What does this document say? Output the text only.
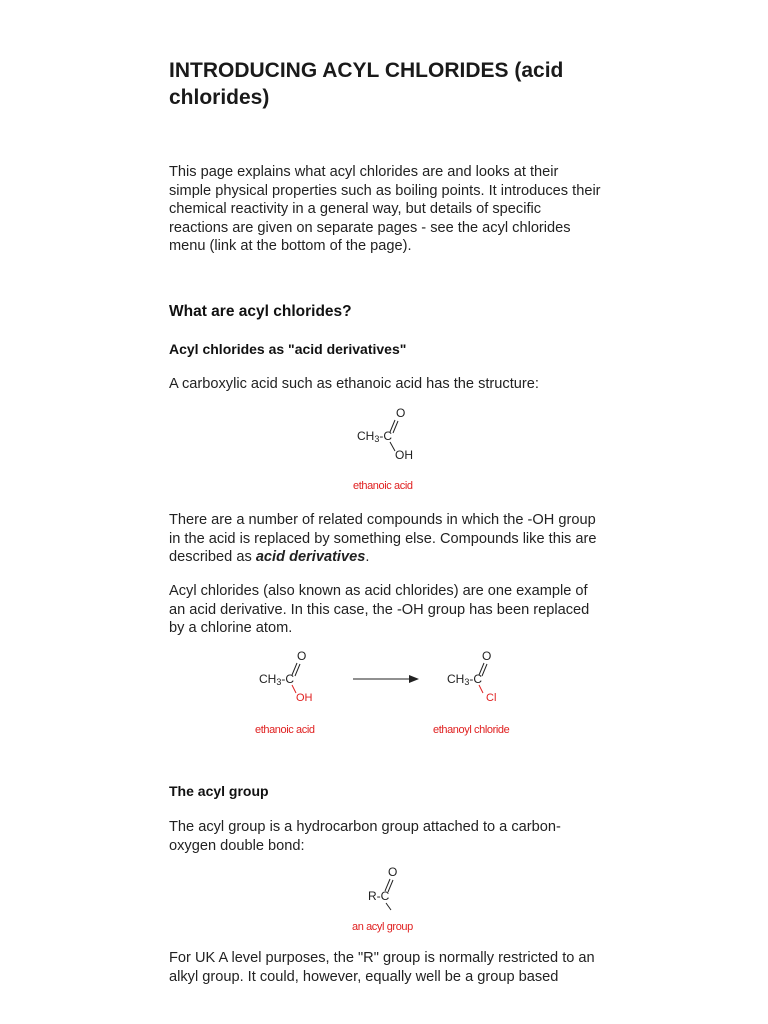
INTRODUCING ACYL CHLORIDES (acid chlorides)

This page explains what acyl chlorides are and looks at their simple physical properties such as boiling points. It introduces their chemical reactivity in a general way, but details of specific reactions are given on separate pages - see the acyl chlorides menu (link at the bottom of the page).

What are acyl chlorides?
Acyl chlorides as "acid derivatives"

A carboxylic acid such as ethanoic acid has the structure:

O
CH3-C
OH
ethanoic acid

There are a number of related compounds in which the -OH group in the acid is replaced by something else. Compounds like this are described as acid derivatives.

Acyl chlorides (also known as acid chlorides) are one example of an acid derivative. In this case, the -OH group has been replaced by a chlorine atom.

O
CH3-C
OH
ethanoic acid
O
CH3-C
Cl
ethanoyl chloride
The acyl group

The acyl group is a hydrocarbon group attached to a carbon-oxygen double bond:

O
R-C
an acyl group

For UK A level purposes, the "R" group is normally restricted to an alkyl group. It could, however, equally well be a group based
